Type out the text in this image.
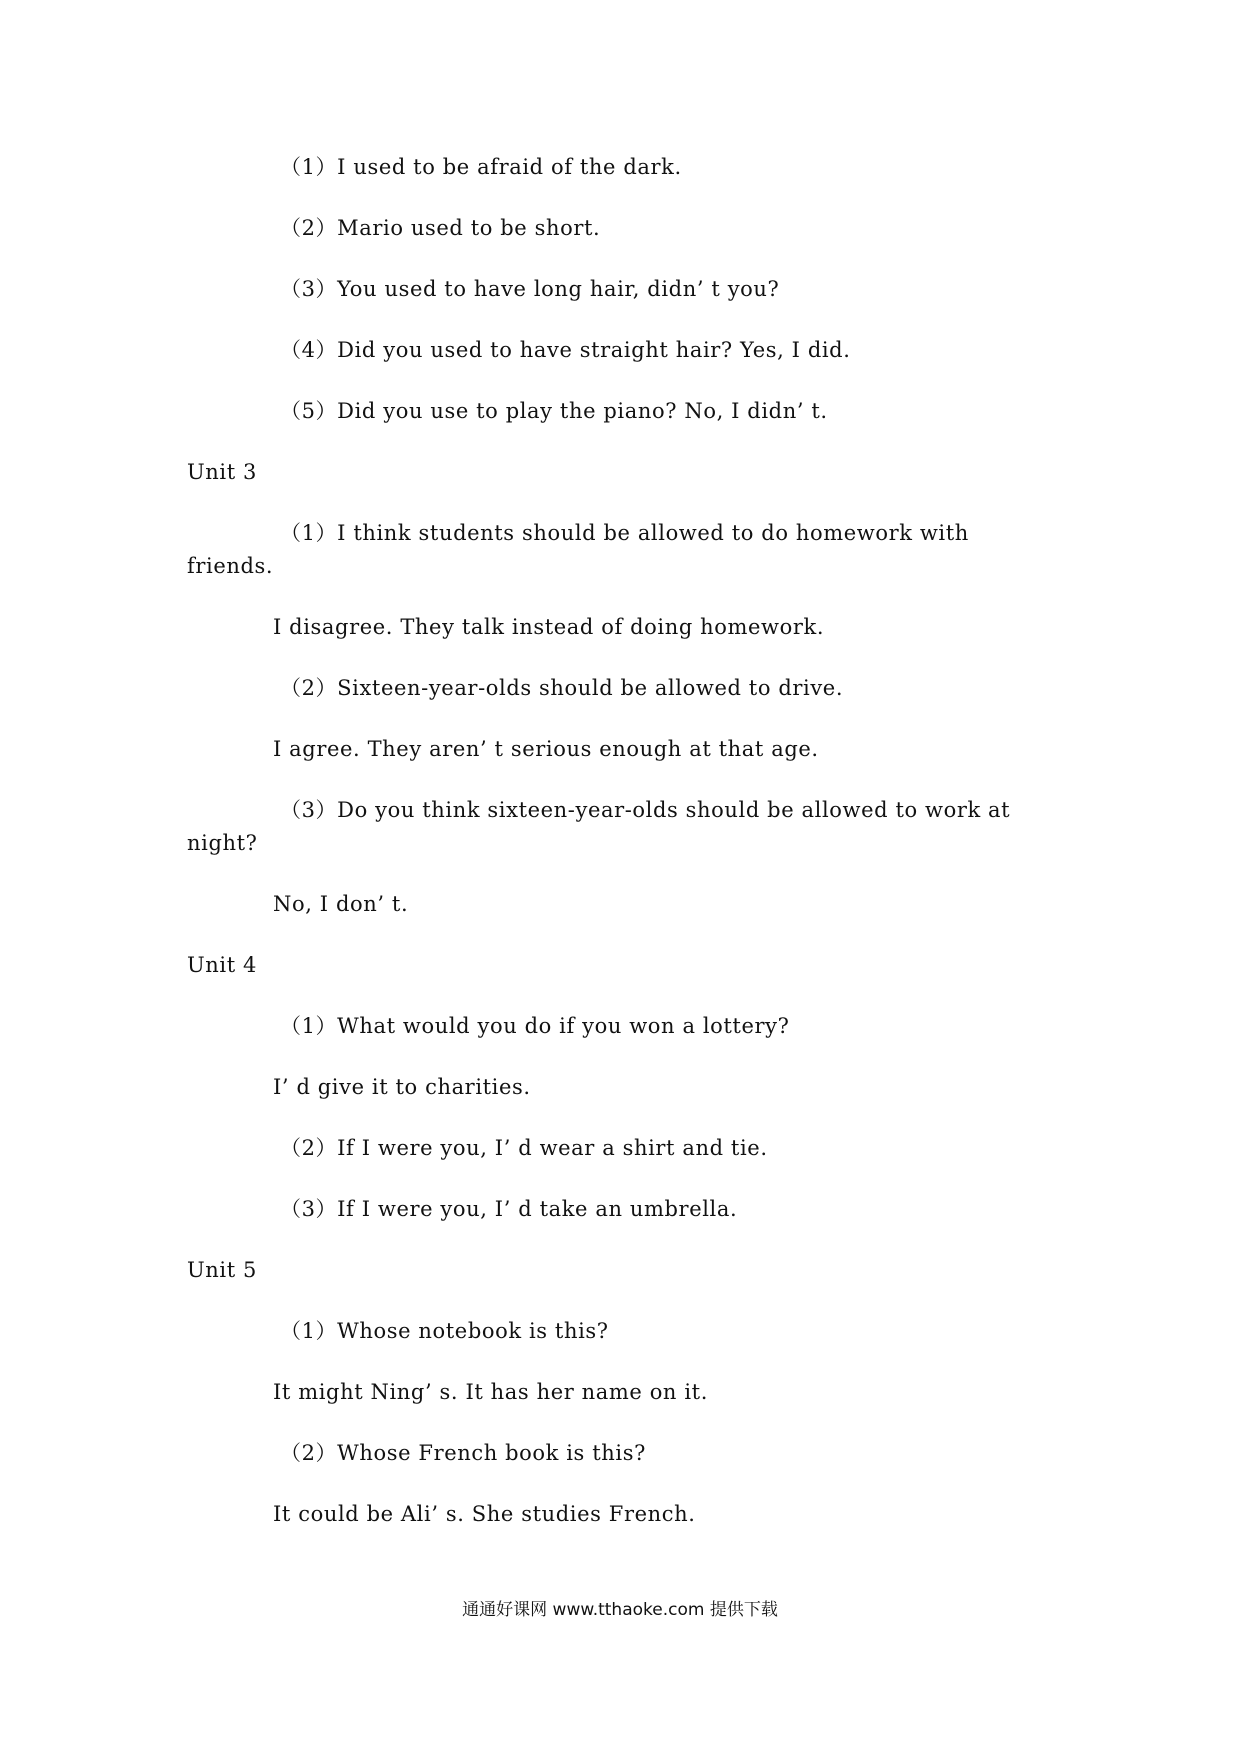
（1）I used to be afraid of the dark.
（2）Mario used to be short.
（3）You used to have long hair, didn’ t you?
（4）Did you used to have straight hair? Yes, I did.
（5）Did you use to play the piano? No, I didn’ t.
Unit 3
（1）I think students should be allowed to do homework with
friends.
I disagree. They talk instead of doing homework.
（2）Sixteen-year-olds should be allowed to drive.
I agree. They aren’ t serious enough at that age.
（3）Do you think sixteen-year-olds should be allowed to work at
night?
No, I don’ t.
Unit 4
（1）What would you do if you won a lottery?
I’ d give it to charities.
（2）If I were you, I’ d wear a shirt and tie.
（3）If I were you, I’ d take an umbrella.
Unit 5
（1）Whose notebook is this?
It might Ning’ s. It has her name on it.
（2）Whose French book is this?
It could be Ali’ s. She studies French.
通通好课网 www.tthaoke.com 提供下载
